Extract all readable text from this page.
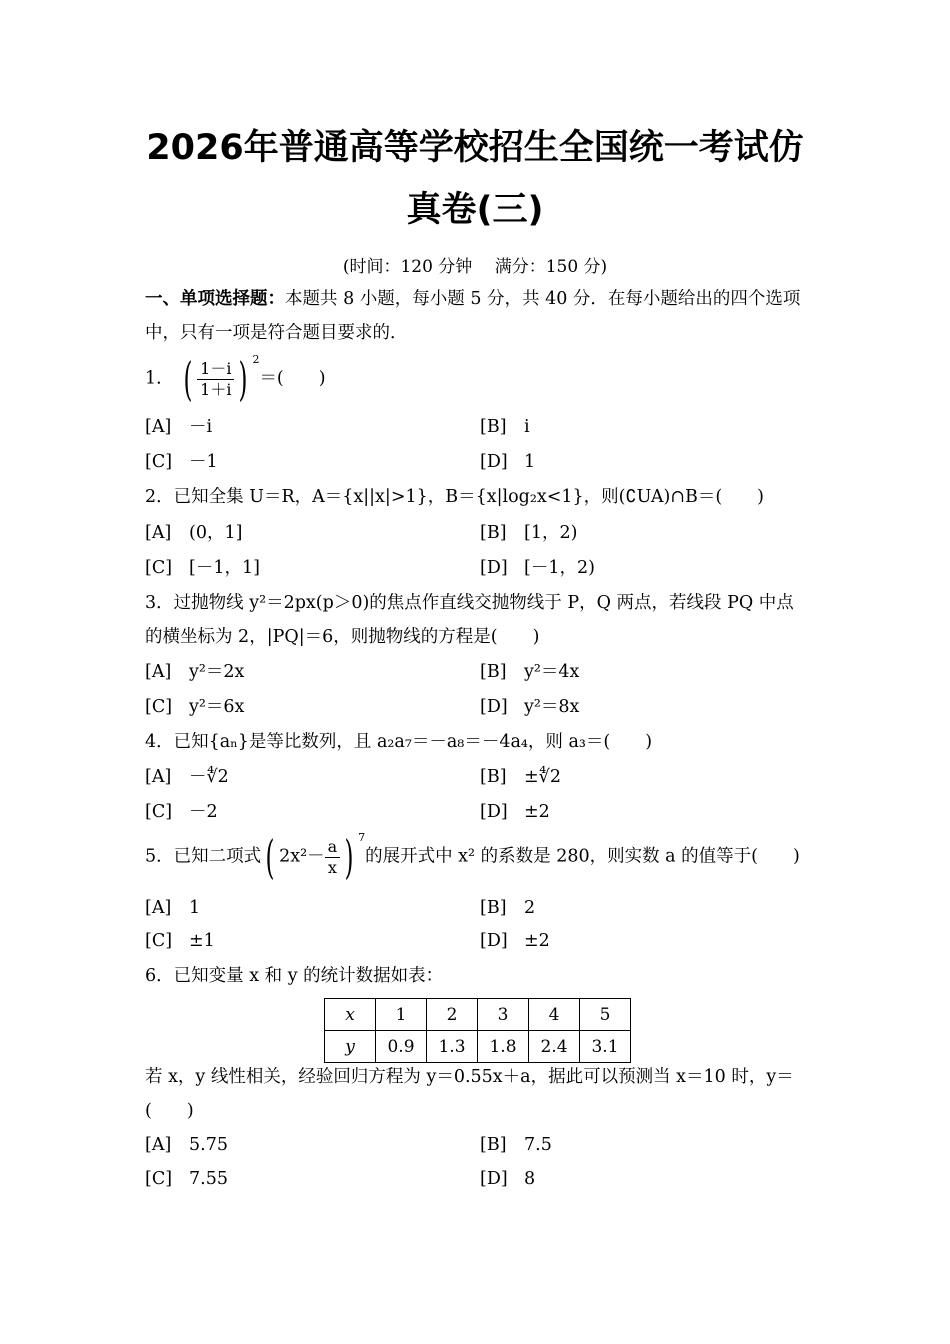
2026年普通高等学校招生全国统一考试仿
真卷(三)
(时间：120 分钟　 满分：150 分)
一、单项选择题：本题共 8 小题，每小题 5 分，共 40 分．在每小题给出的四个选项中，只有一项是符合题目要求的．
1． ( $\frac{1-i}{1+i}$ ) $^2$＝(　　)
[A] －i	[B] i
[C] －1	[D] 1
2．已知全集 U＝R，A＝{x||x|>1}，B＝{x|log₂x<1}，则(∁UA)∩B＝(　　)
[A] (0，1]	[B] [1，2)
[C] [－1，1]	[D] [－1，2)
3．过抛物线 y²＝2px(p＞0)的焦点作直线交抛物线于 P，Q 两点，若线段 PQ 中点的横坐标为 2，|PQ|＝6，则抛物线的方程是(　　)
[A] y²＝2x	[B] y²＝4x
[C] y²＝6x	[D] y²＝8x
4．已知{aₙ}是等比数列，且 a₂a₇＝－a₈＝－4a₄，则 a₃＝(　　)
[A] －∜2	[B] ±∜2
[C] －2	[D] ±2
5．已知二项式( $2x^2- \frac{a}{x}$ ) $^7$的展开式中 x² 的系数是 280，则实数 a 的值等于(　　)
[A] 1	[B] 2
[C] ±1	[D] ±2
6．已知变量 x 和 y 的统计数据如表：
x	1	2	3	4	5
y	0.9	1.3	1.8	2.4	3.1
若 x，y 线性相关，经验回归方程为 y＝0.55x＋a，据此可以预测当 x＝10 时，y＝(　　)
[A] 5.75	[B] 7.5
[C] 7.55	[D] 8
